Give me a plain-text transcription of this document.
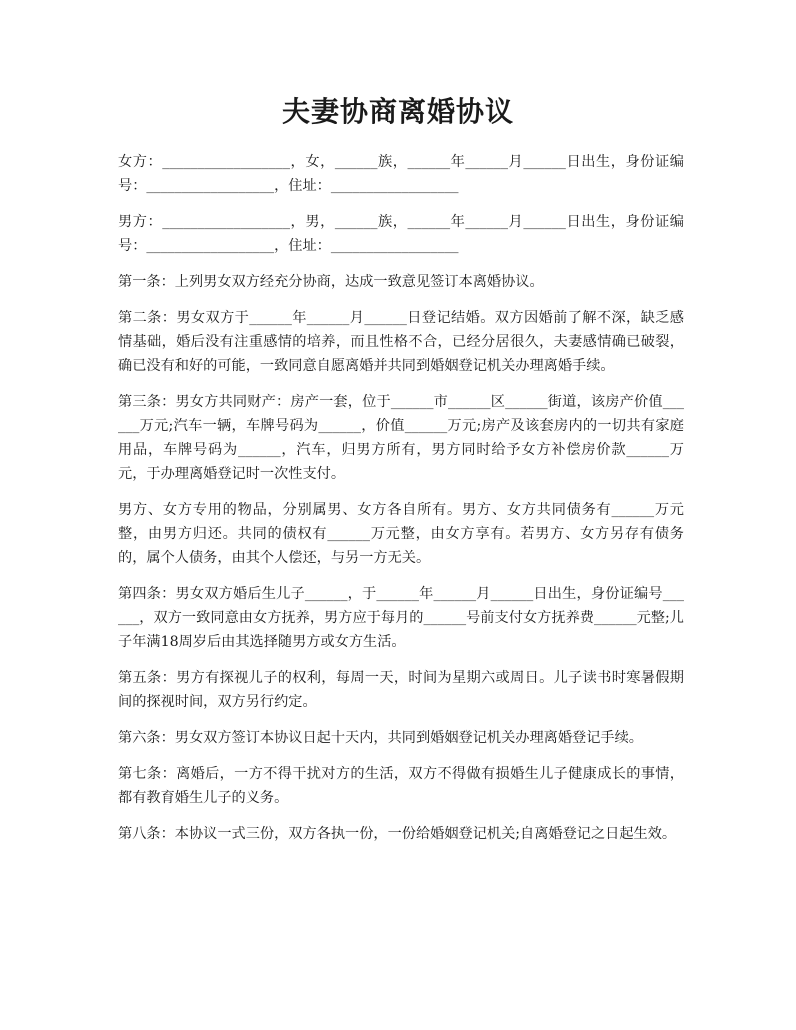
夫妻协商离婚协议

女方：__________________，女，______族，______年______月______日出生，身份证编号：__________________，住址：__________________

男方：__________________，男，______族，______年______月______日出生，身份证编号：__________________，住址：__________________

第一条：上列男女双方经充分协商，达成一致意见签订本离婚协议。

第二条：男女双方于______年______月______日登记结婚。双方因婚前了解不深，缺乏感情基础，婚后没有注重感情的培养，而且性格不合，已经分居很久，夫妻感情确已破裂，确已没有和好的可能，一致同意自愿离婚并共同到婚姻登记机关办理离婚手续。

第三条：男女方共同财产：房产一套，位于______市______区______街道，该房产价值______万元;汽车一辆，车牌号码为______，价值______万元;房产及该套房内的一切共有家庭用品，车牌号码为______，汽车，归男方所有，男方同时给予女方补偿房价款______万元，于办理离婚登记时一次性支付。

男方、女方专用的物品，分别属男、女方各自所有。男方、女方共同债务有______万元整，由男方归还。共同的债权有______万元整，由女方享有。若男方、女方另存有债务的，属个人债务，由其个人偿还，与另一方无关。

第四条：男女双方婚后生儿子______，于______年______月______日出生，身份证编号______，双方一致同意由女方抚养，男方应于每月的______号前支付女方抚养费______元整;儿子年满18周岁后由其选择随男方或女方生活。

第五条：男方有探视儿子的权利，每周一天，时间为星期六或周日。儿子读书时寒暑假期间的探视时间，双方另行约定。

第六条：男女双方签订本协议日起十天内，共同到婚姻登记机关办理离婚登记手续。

第七条：离婚后，一方不得干扰对方的生活，双方不得做有损婚生儿子健康成长的事情，都有教育婚生儿子的义务。

第八条：本协议一式三份，双方各执一份，一份给婚姻登记机关;自离婚登记之日起生效。
